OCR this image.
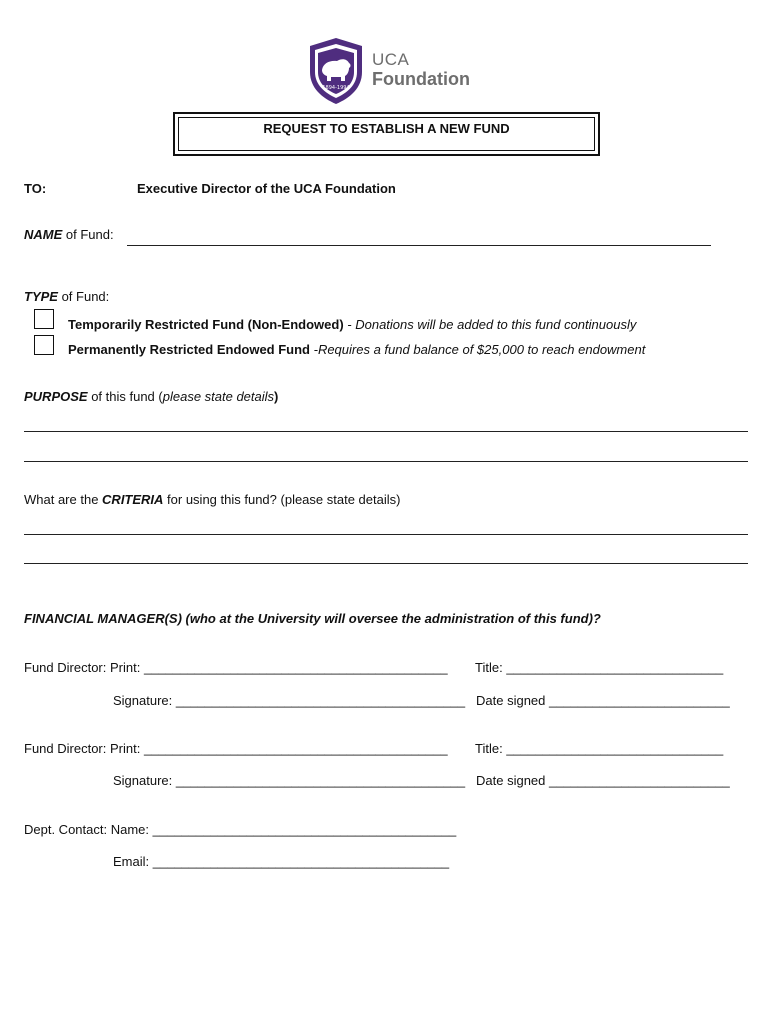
1894-1994
UCA
Foundation
REQUEST TO ESTABLISH A NEW FUND
TO:	Executive Director of the UCA Foundation
NAME of Fund:
TYPE of Fund:
Temporarily Restricted Fund (Non-Endowed) - Donations will be added to this fund continuously
Permanently Restricted Endowed Fund -Requires a fund balance of $25,000 to reach endowment
PURPOSE of this fund (please state details)
What are the CRITERIA for using this fund? (please state details)
FINANCIAL MANAGER(S) (who at the University will oversee the administration of this fund)?
Fund Director: Print: __________________________________________ Title: ______________________________
Signature: ________________________________________ Date signed _________________________
Fund Director: Print: __________________________________________ Title: ______________________________
Signature: ________________________________________ Date signed _________________________
Dept. Contact: Name: __________________________________________
Email: _________________________________________
